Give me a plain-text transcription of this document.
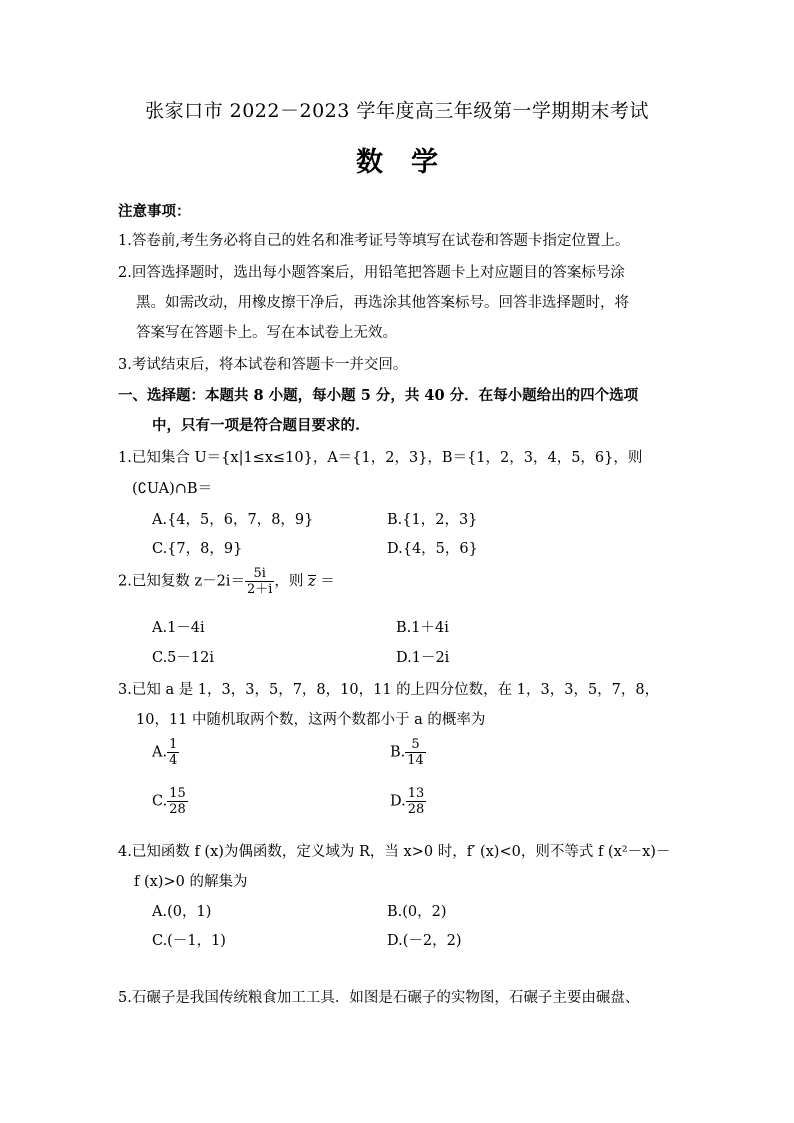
张家口市 2022－2023 学年度高三年级第一学期期末考试
数学
注意事项：
1.答卷前,考生务必将自己的姓名和准考证号等填写在试卷和答题卡指定位置上。
2.回答选择题时，选出每小题答案后，用铅笔把答题卡上对应题目的答案标号涂
黑。如需改动，用橡皮擦干净后，再选涂其他答案标号。回答非选择题时，将
答案写在答题卡上。写在本试卷上无效。
3.考试结束后，将本试卷和答题卡一并交回。
一、选择题：本题共 8 小题，每小题 5 分，共 40 分．在每小题给出的四个选项
中，只有一项是符合题目要求的.
1.已知集合 U＝{x|1≤x≤10}，A＝{1，2，3}，B＝{1，2，3，4，5，6}，则
(∁UA)∩B＝
A.{4，5，6，7，8，9}	B.{1，2，3}
C.{7，8，9}	D.{4，5，6}
2.已知复数 $z-2i= \frac{5i}{2+i}$ ，则 z ＝
A.1－4i	B.1＋4i
C.5－12i	D.1－2i
3.已知 a 是 1，3，3，5，7，8，10，11 的上四分位数，在 1，3，3，5，7，8，
10，11 中随机取两个数，这两个数都小于 a 的概率为
A. $\frac{1}{4}$	B. $\frac{5}{14}$
C. $\frac{15}{28}$	D. $\frac{13}{28}$
4.已知函数 f (x)为偶函数，定义域为 R，当 x>0 时，f′ (x)<0，则不等式 f (x²－x)－
f (x)>0 的解集为
A.(0，1)	B.(0，2)
C.(－1，1)	D.(－2，2)
5.石碾子是我国传统粮食加工工具．如图是石碾子的实物图，石碾子主要由碾盘、
